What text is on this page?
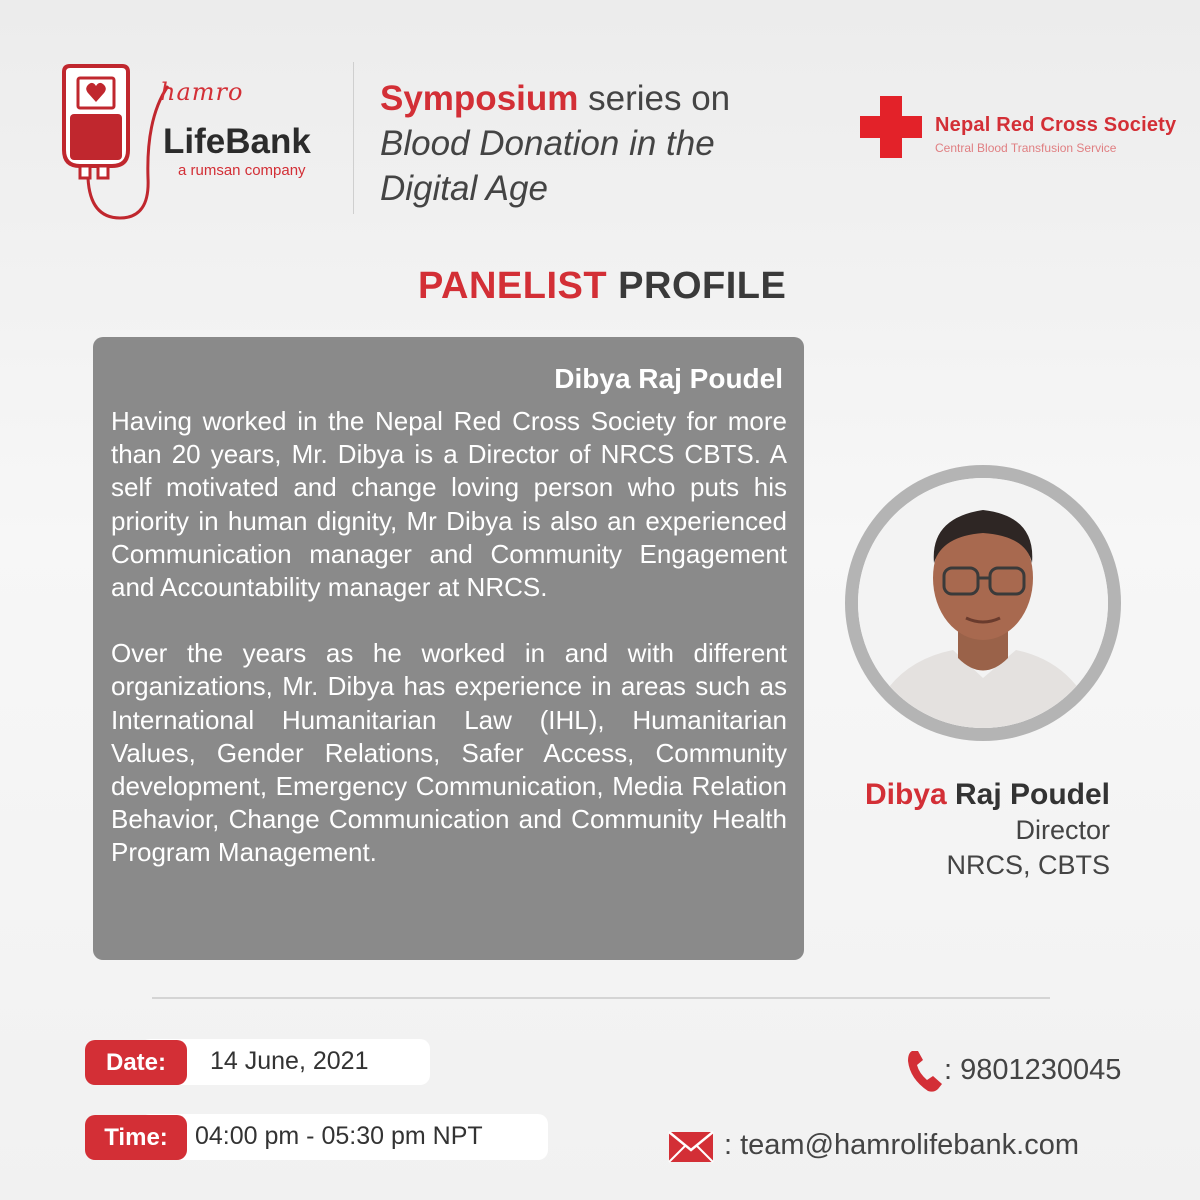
hamro
LifeBank
a rumsan company
Symposium series on
Blood Donation in the
Digital Age
Nepal Red Cross Society
Central Blood Transfusion Service
PANELIST PROFILE
Dibya Raj Poudel

Having worked in the Nepal Red Cross Society for more than 20 years, Mr. Dibya is a Director of NRCS CBTS. A self motivated and change loving person who puts his priority in human dignity, Mr Dibya is also an experienced Communication manager and Community Engagement and Accountability manager at NRCS.

Over the years as he worked in and with different organizations, Mr. Dibya has experience in areas such as International Humanitarian Law (IHL), Humanitarian Values, Gender Relations, Safer Access, Community development, Emergency Communication, Media Relation Behavior, Change Communication and Community Health Program Management.

Dibya Raj Poudel
Director
NRCS, CBTS
14 June, 2021
Date:
04:00 pm - 05:30 pm NPT
Time:
: 9801230045
: team@hamrolifebank.com
